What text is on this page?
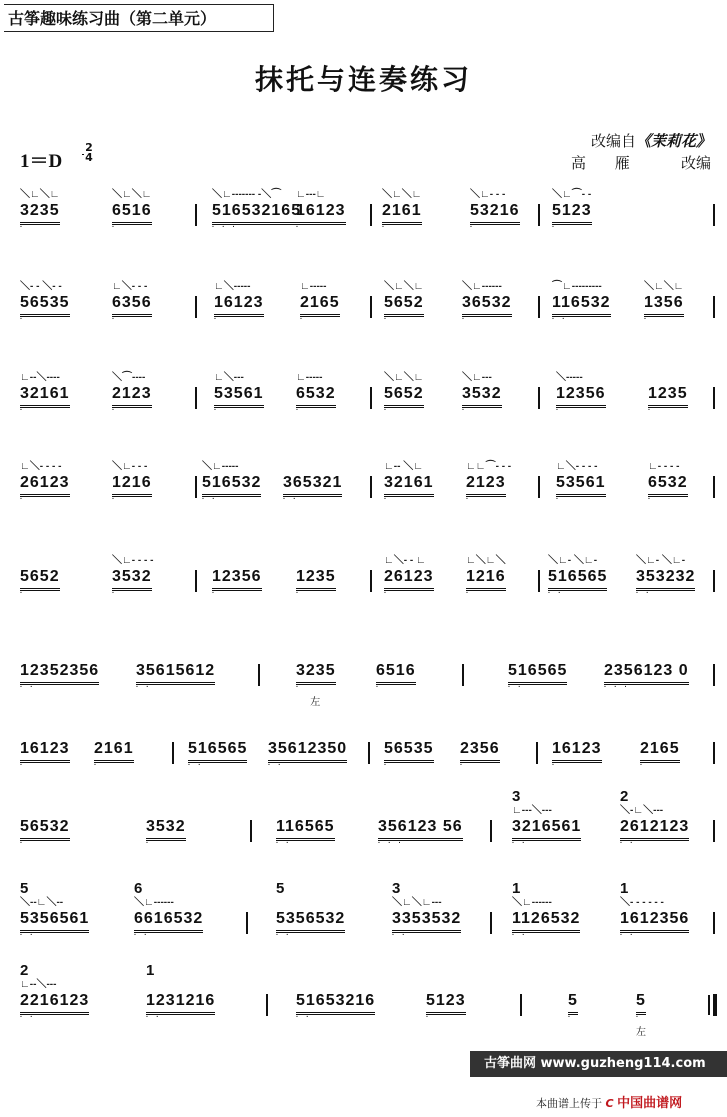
古筝趣味练习曲（第二单元）
抹托与连奏练习
1＝D
2
4
改编自《茉莉花》
高 雁	改编
＼∟＼∟
3235
·
＼∟＼∟
6516
·
＼∟------- -＼⌒
516532165
· · ·
∟---∟
16123
·
＼∟＼∟
2161
·
＼∟- - -
53216
·
＼∟⌒- -
5123
·
＼- - ＼- -
56535
·
∟＼- - -
6356
·
∟＼-----
16123
·
∟-----
2165
·
＼∟＼∟
5652
·
＼∟------
36532
·
⌒∟---------
116532
· ·
＼∟＼∟
1356
·
∟--＼----
32161
·
＼⌒----
2123
·
∟＼---
53561
·
∟-----
6532
·
＼∟＼∟
5652
·
＼∟---
3532
·
＼-----
12356
·
1235
·
∟＼- - - -
26123
·
＼∟- - -
1216
·
＼∟-----
516532
· ·
365321
· ·
∟-- ＼∟
32161
·
∟∟⌒- - -
2123
·
∟＼- - - -
53561
·
∟- - - -
6532
·
5652
·
＼∟- - - -
3532
·
12356
·
1235
·
∟＼- - ∟
26123
·
∟＼∟＼
1216
·
＼∟- ＼∟-
516565
· ·
＼∟- ＼∟-
353232
· ·
12352356
· ·
35615612
· ·
3235
·
左
6516
·
516565
· ·
2356123 0
· · ·
16123
·
2161
·
516565
· ·
35612350
· ·
56535
·
2356
·
16123
·
2165
·
56532
·
3532
·
116565
· ·
356123 56
· · ·
3
∟---＼---
3216561
· ·
2
＼-∟＼---
2612123
· ·
5
＼--∟＼--
5356561
· ·
6
＼∟------
6616532
· ·
5
5356532
· ·
3
＼∟＼∟---
3353532
· ·
1
＼∟------
1126532
· ·
1
＼- - - - - -
1612356
· ·
2
∟--＼---
2216123
· ·
1
1231216
· ·
51653216
· ·
5123
·
5
·
5
·
左
古筝曲网 www.guzheng114.com
本曲谱上传于 C 中国曲谱网
